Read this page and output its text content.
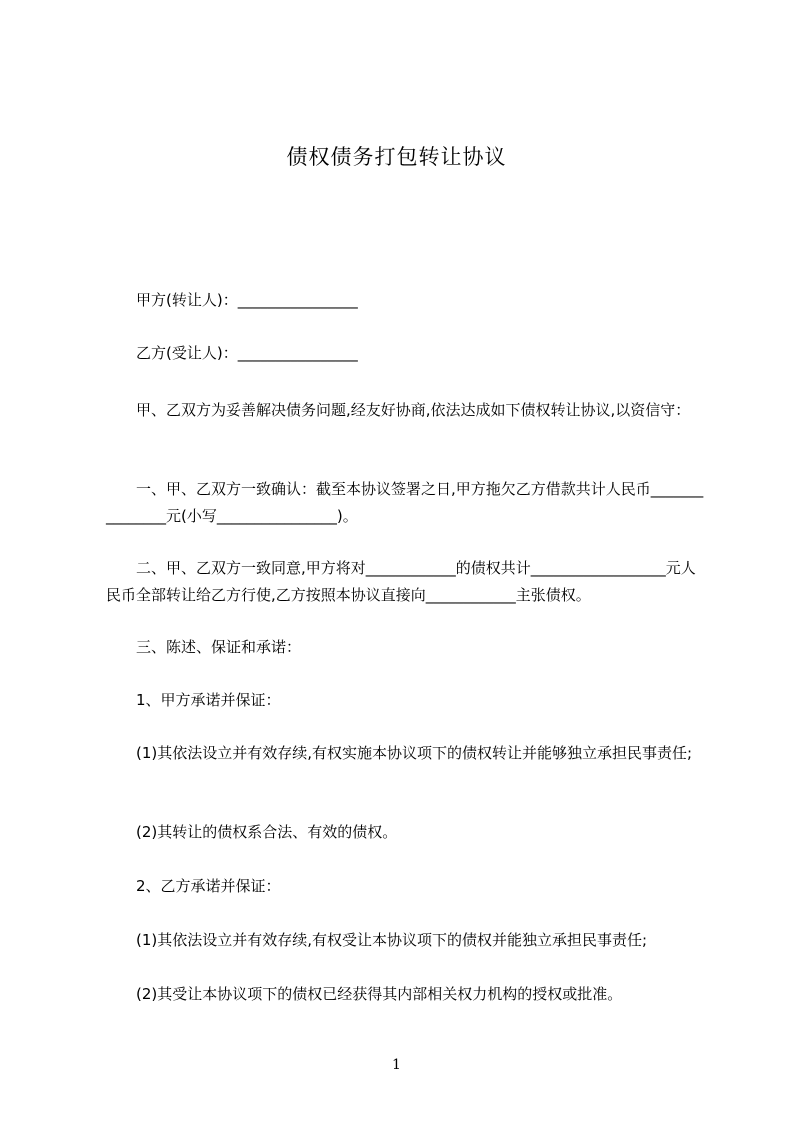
债权债务打包转让协议
　　甲方(转让人)：________________
　　乙方(受让人)：________________
　　甲、乙双方为妥善解决债务问题,经友好协商,依法达成如下债权转让协议,以资信守：
　　一、甲、乙双方一致确认：截至本协议签署之日,甲方拖欠乙方借款共计人民币_______________元(小写________________)。
　　二、甲、乙双方一致同意,甲方将对____________的债权共计__________________元人民币全部转让给乙方行使,乙方按照本协议直接向____________主张债权。
　　三、陈述、保证和承诺：
　　1、甲方承诺并保证：
　　(1)其依法设立并有效存续,有权实施本协议项下的债权转让并能够独立承担民事责任;
　　(2)其转让的债权系合法、有效的债权。
　　2、乙方承诺并保证：
　　(1)其依法设立并有效存续,有权受让本协议项下的债权并能独立承担民事责任;
　　(2)其受让本协议项下的债权已经获得其内部相关权力机构的授权或批准。
1
